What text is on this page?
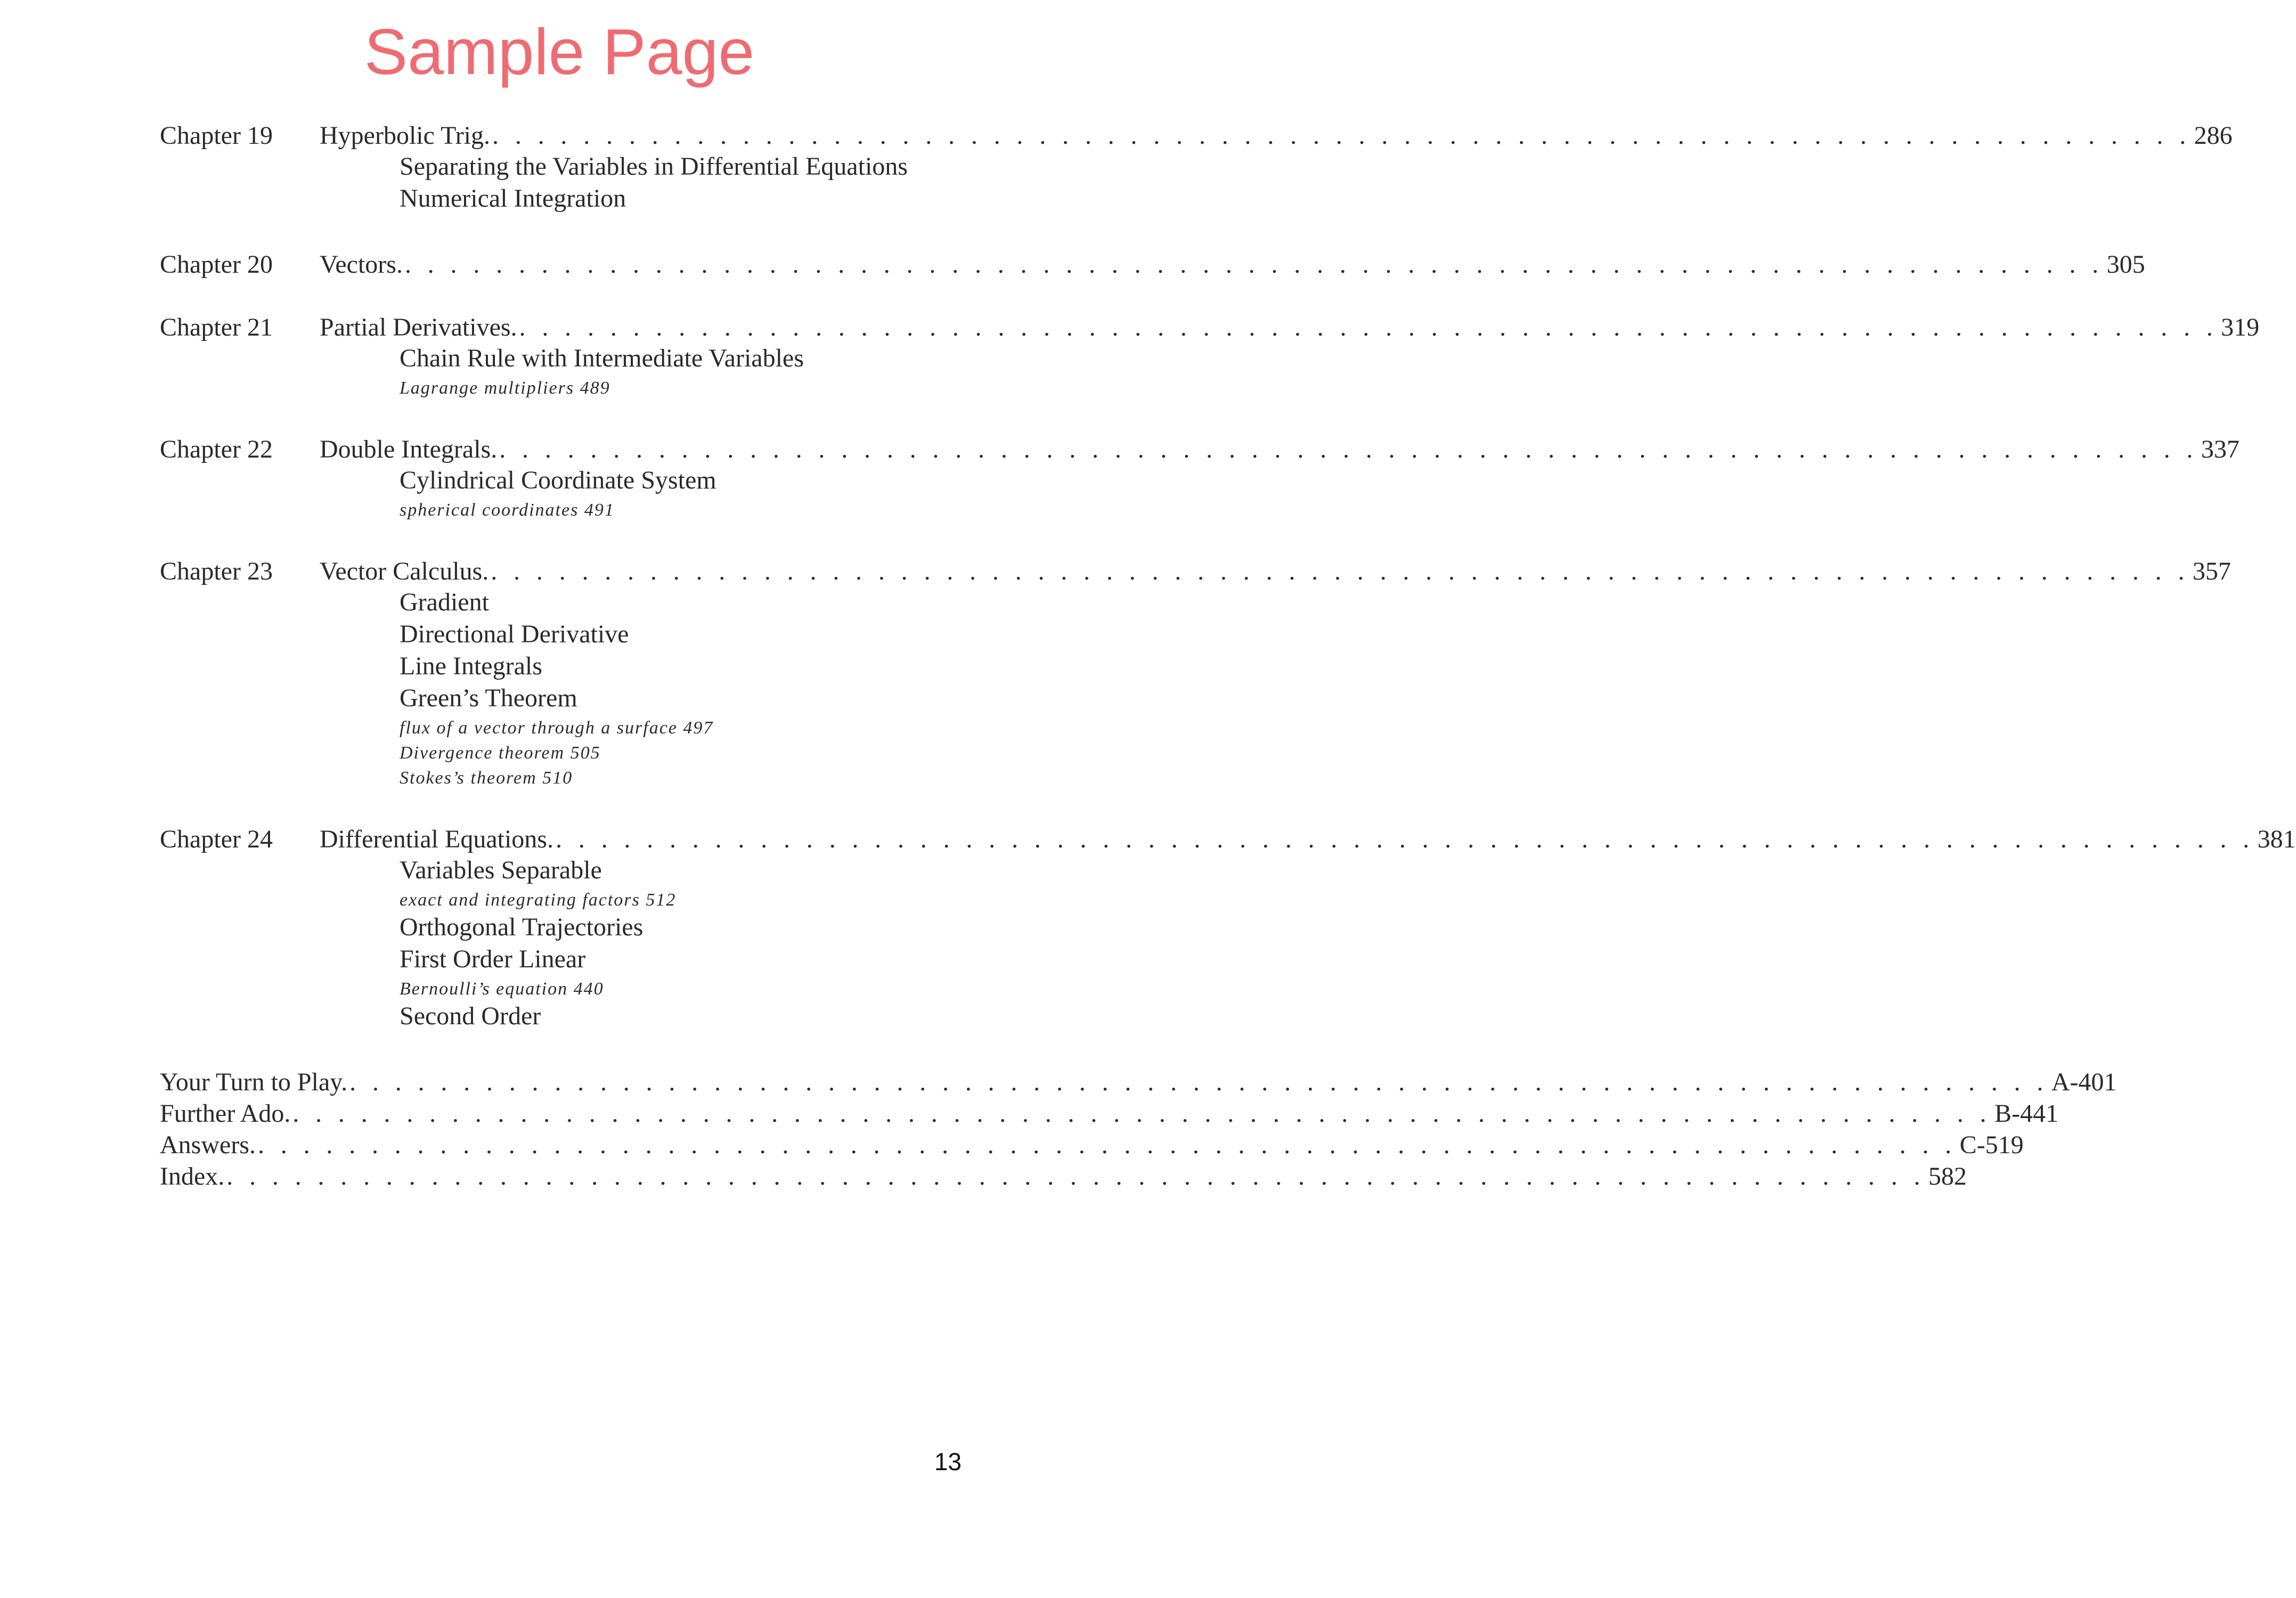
Sample Page
Chapter 19 Hyperbolic Trig. . . . . . . . . . . . . . . . . . . . . . . . . . . . . . . . . . . . . . . . . . . . . . . . . . . . . . . . . . . . . . . . . . . . . . . . . . . . 286
Separating the Variables in Differential Equations
Numerical Integration
Chapter 20 Vectors. . . . . . . . . . . . . . . . . . . . . . . . . . . . . . . . . . . . . . . . . . . . . . . . . . . . . . . . . . . . . . . . . . . . . . . . . . . . 305
Chapter 21 Partial Derivatives. . . . . . . . . . . . . . . . . . . . . . . . . . . . . . . . . . . . . . . . . . . . . . . . . . . . . . . . . . . . . . . . . . . . . . . . . . . . 319
Chain Rule with Intermediate Variables
Lagrange multipliers 489
Chapter 22 Double Integrals. . . . . . . . . . . . . . . . . . . . . . . . . . . . . . . . . . . . . . . . . . . . . . . . . . . . . . . . . . . . . . . . . . . . . . . . . . . . 337
Cylindrical Coordinate System
spherical coordinates 491
Chapter 23 Vector Calculus. . . . . . . . . . . . . . . . . . . . . . . . . . . . . . . . . . . . . . . . . . . . . . . . . . . . . . . . . . . . . . . . . . . . . . . . . . . . 357
Gradient
Directional Derivative
Line Integrals
Green’s Theorem
flux of a vector through a surface 497
Divergence theorem 505
Stokes’s theorem 510
Chapter 24 Differential Equations. . . . . . . . . . . . . . . . . . . . . . . . . . . . . . . . . . . . . . . . . . . . . . . . . . . . . . . . . . . . . . . . . . . . . . . . . . . . 381
Variables Separable
exact and integrating factors 512
Orthogonal Trajectories
First Order Linear
Bernoulli’s equation 440
Second Order
Your Turn to Play. . . . . . . . . . . . . . . . . . . . . . . . . . . . . . . . . . . . . . . . . . . . . . . . . . . . . . . . . . . . . . . . . . . . . . . . . . . . A-401
Further Ado. . . . . . . . . . . . . . . . . . . . . . . . . . . . . . . . . . . . . . . . . . . . . . . . . . . . . . . . . . . . . . . . . . . . . . . . . . . . B-441
Answers. . . . . . . . . . . . . . . . . . . . . . . . . . . . . . . . . . . . . . . . . . . . . . . . . . . . . . . . . . . . . . . . . . . . . . . . . . . . C-519
Index. . . . . . . . . . . . . . . . . . . . . . . . . . . . . . . . . . . . . . . . . . . . . . . . . . . . . . . . . . . . . . . . . . . . . . . . . . . . 582
13
